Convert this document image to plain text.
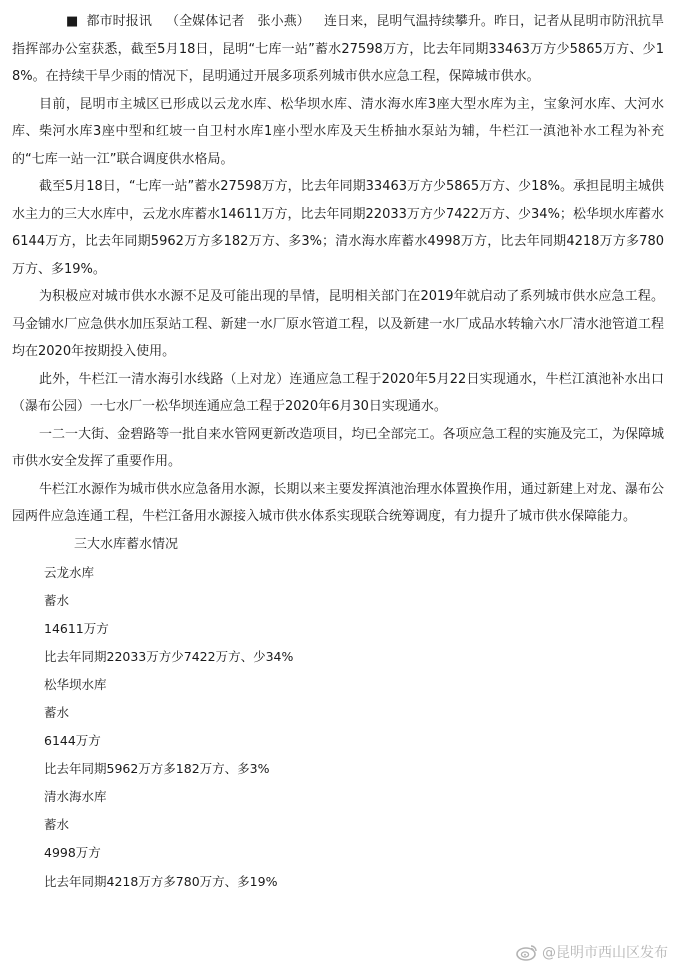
■ 都市时报讯 （全媒体记者　张小燕） 连日来，昆明气温持续攀升。昨日，记者从昆明市防汛抗旱指挥部办公室获悉，截至5月18日，昆明“七库一站”蓄水27598万方，比去年同期33463万方少5865万方、少18%。在持续干旱少雨的情况下，昆明通过开展多项系列城市供水应急工程，保障城市供水。

目前，昆明市主城区已形成以云龙水库、松华坝水库、清水海水库3座大型水库为主，宝象河水库、大河水库、柴河水库3座中型和红坡一自卫村水库1座小型水库及天生桥抽水泵站为辅，牛栏江一滇池补水工程为补充的“七库一站一江”联合调度供水格局。

截至5月18日，“七库一站”蓄水27598万方，比去年同期33463万方少5865万方、少18%。承担昆明主城供水主力的三大水库中，云龙水库蓄水14611万方，比去年同期22033万方少7422万方、少34%；松华坝水库蓄水6144万方，比去年同期5962万方多182万方、多3%；清水海水库蓄水4998万方，比去年同期4218万方多780万方、多19%。

为积极应对城市供水水源不足及可能出现的旱情，昆明相关部门在2019年就启动了系列城市供水应急工程。马金铺水厂应急供水加压泵站工程、新建一水厂原水管道工程，以及新建一水厂成品水转输六水厂清水池管道工程均在2020年按期投入使用。

此外，牛栏江一清水海引水线路（上对龙）连通应急工程于2020年5月22日实现通水，牛栏江滇池补水出口（瀑布公园）一七水厂一松华坝连通应急工程于2020年6月30日实现通水。

一二一大街、金碧路等一批自来水管网更新改造项目，均已全部完工。各项应急工程的实施及完工，为保障城市供水安全发挥了重要作用。

牛栏江水源作为城市供水应急备用水源，长期以来主要发挥滇池治理水体置换作用，通过新建上对龙、瀑布公园两件应急连通工程，牛栏江备用水源接入城市供水体系实现联合统筹调度，有力提升了城市供水保障能力。

三大水库蓄水情况

云龙水库

蓄水

14611万方

比去年同期22033万方少7422万方、少34%

松华坝水库

蓄水

6144万方

比去年同期5962万方多182万方、多3%

清水海水库

蓄水

4998万方

比去年同期4218万方多780万方、多19%

@昆明市西山区发布
